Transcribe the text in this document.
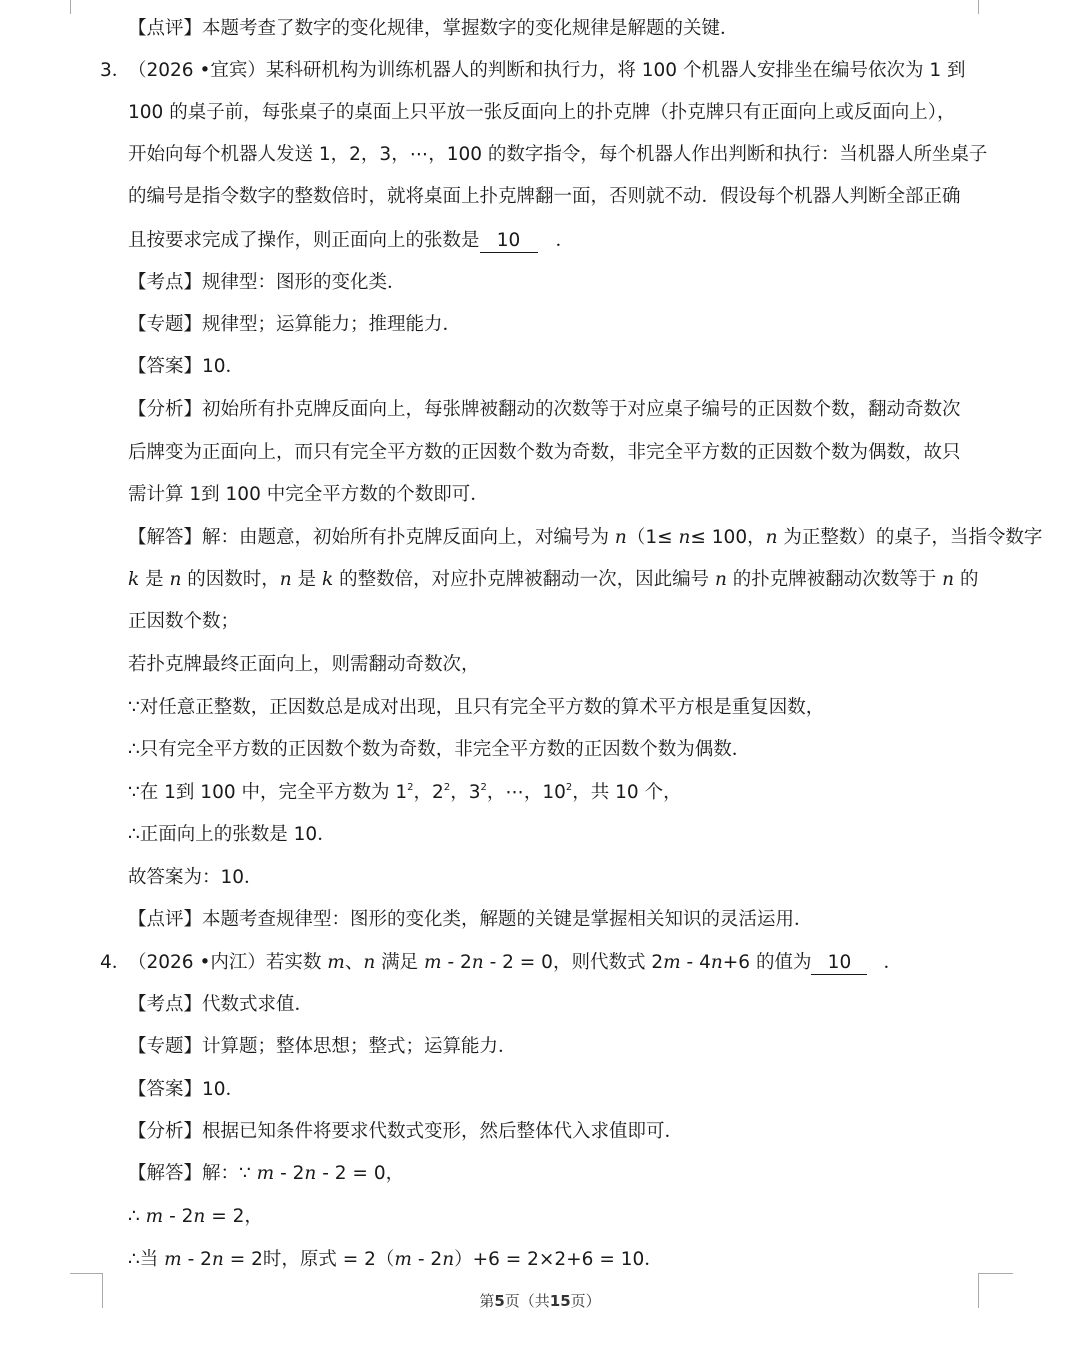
【点评】本题考查了数字的变化规律，掌握数字的变化规律是解题的关键．
3．
（2026 •宜宾）某科研机构为训练机器人的判断和执行力，将 100 个机器人安排坐在编号依次为 1 到
100 的桌子前，每张桌子的桌面上只平放一张反面向上的扑克牌（扑克牌只有正面向上或反面向上），
开始向每个机器人发送 1，2，3，⋯，100 的数字指令，每个机器人作出判断和执行：当机器人所坐桌子
的编号是指令数字的整数倍时，就将桌面上扑克牌翻一面，否则就不动．假设每个机器人判断全部正确
且按要求完成了操作，则正面向上的张数是 10 ．
【考点】规律型：图形的变化类．
【专题】规律型；运算能力；推理能力．
【答案】10．
【分析】初始所有扑克牌反面向上，每张牌被翻动的次数等于对应桌子编号的正因数个数，翻动奇数次
后牌变为正面向上，而只有完全平方数的正因数个数为奇数，非完全平方数的正因数个数为偶数，故只
需计算 1到 100 中完全平方数的个数即可．
【解答】解：由题意，初始所有扑克牌反面向上，对编号为 n（1≤ n≤ 100，n 为正整数）的桌子，当指令数字
k 是 n 的因数时，n 是 k 的整数倍，对应扑克牌被翻动一次，因此编号 n 的扑克牌被翻动次数等于 n 的
正因数个数；
若扑克牌最终正面向上，则需翻动奇数次，
∵对任意正整数，正因数总是成对出现，且只有完全平方数的算术平方根是重复因数，
∴只有完全平方数的正因数个数为奇数，非完全平方数的正因数个数为偶数．
∵在 1到 100 中，完全平方数为 $1^2$，$2^2$，$3^2$，⋯，$10^2$，共 10 个，
∴正面向上的张数是 10．
故答案为：10．
【点评】本题考查规律型：图形的变化类，解题的关键是掌握相关知识的灵活运用．
4．
（2026 •内江）若实数 m、n 满足 m - 2n - 2 = 0，则代数式 2m - 4n+6 的值为 10 ．
【考点】代数式求值．
【专题】计算题；整体思想；整式；运算能力．
【答案】10．
【分析】根据已知条件将要求代数式变形，然后整体代入求值即可．
【解答】解：∵ m - 2n - 2 = 0，
∴ m - 2n = 2，
∴当 m - 2n = 2时，原式 = 2（m - 2n）+6 = 2×2+6 = 10．
第5页（共15页）
